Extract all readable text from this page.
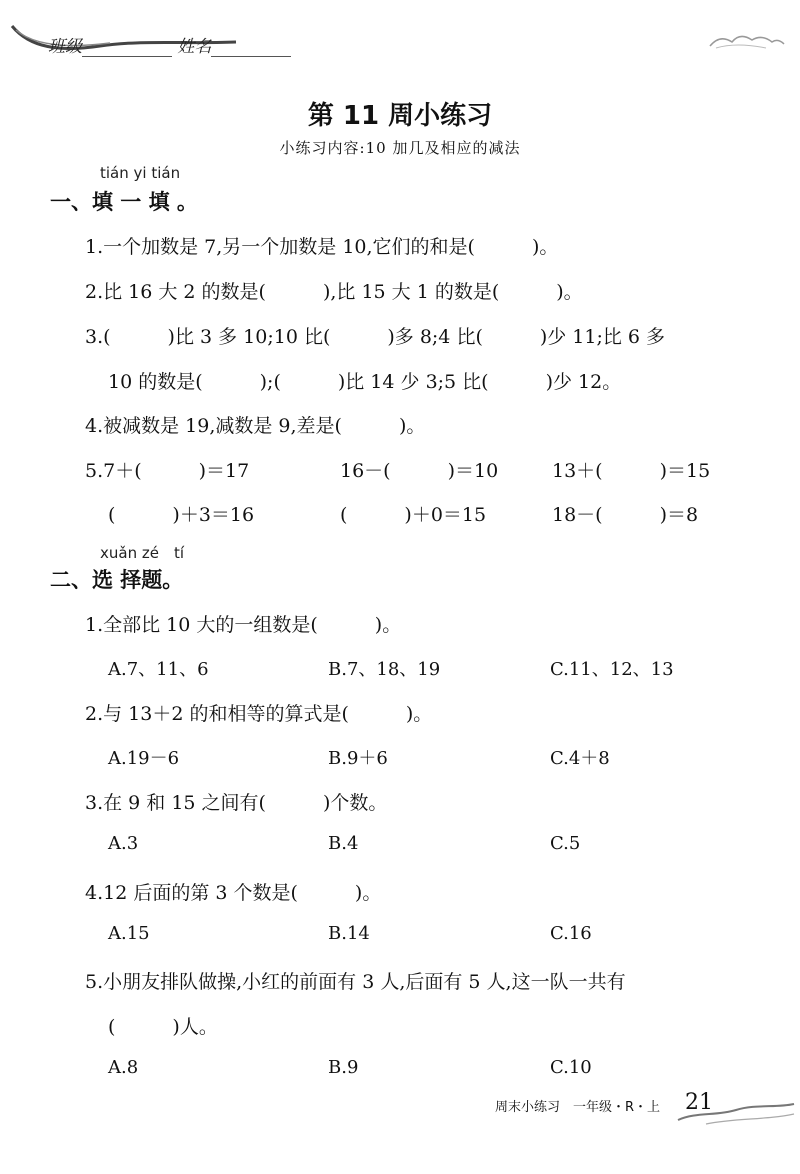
班级	姓名
第 11 周小练习
小练习内容:10 加几及相应的减法
tián yi tián
一、填 一 填 。
1.一个加数是 7,另一个加数是 10,它们的和是(　　　)。
2.比 16 大 2 的数是(　　　),比 15 大 1 的数是(　　　)。
3.(　　　)比 3 多 10;10 比(　　　)多 8;4 比(　　　)少 11;比 6 多
10 的数是(　　　);(　　　)比 14 少 3;5 比(　　　)少 12。
4.被减数是 19,减数是 9,差是(　　　)。
5.7＋(　　　)＝17	16－(　　　)＝10	13＋(　　　)＝15
(　　　)＋3＝16	(　　　)＋0＝15	18－(　　　)＝8
xuǎn zé　tí
二、选 择题。
1.全部比 10 大的一组数是(　　　)。
A.7、11、6	B.7、18、19	C.11、12、13
2.与 13＋2 的和相等的算式是(　　　)。
A.19－6	B.9＋6	C.4＋8
3.在 9 和 15 之间有(　　　)个数。
A.3	B.4	C.5
4.12 后面的第 3 个数是(　　　)。
A.15	B.14	C.16
5.小朋友排队做操,小红的前面有 3 人,后面有 5 人,这一队一共有
(　　　)人。
A.8	B.9	C.10
周末小练习　一年级・R・上 21
